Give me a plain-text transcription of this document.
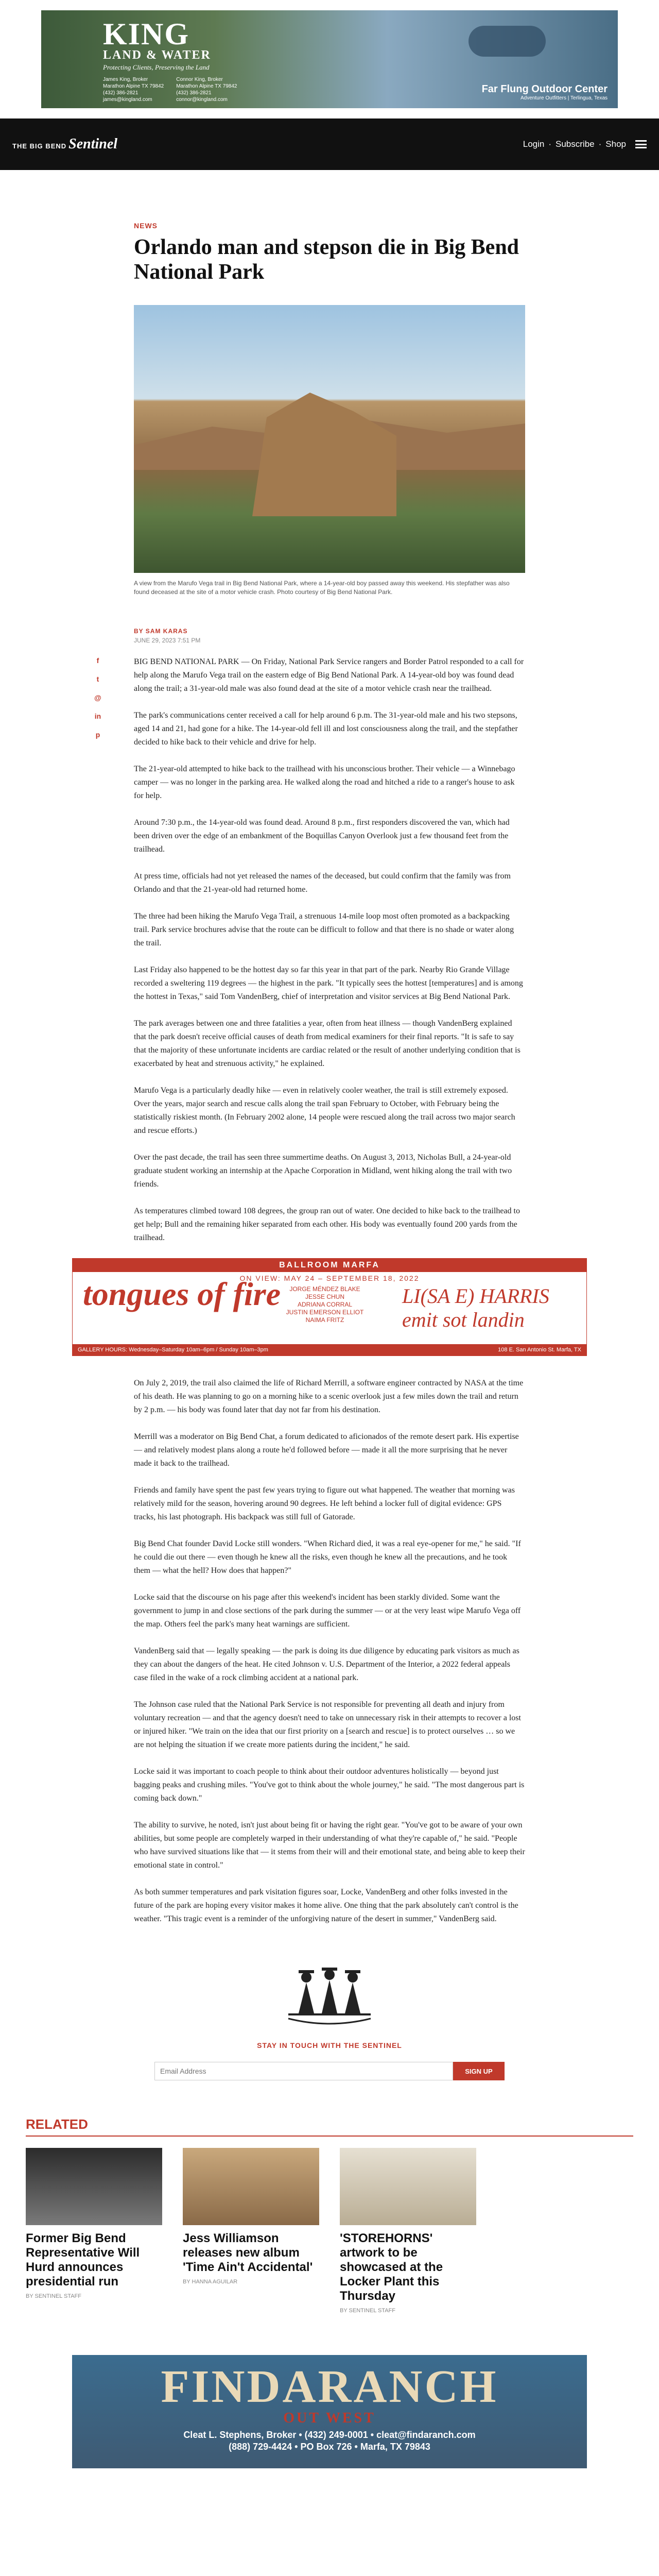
KING
LAND & WATER
Protecting Clients, Preserving the Land
James King, Broker
Marathon Alpine TX 79842
(432) 386-2821
james@kingland.com
Connor King, Broker
Marathon Alpine TX 79842
(432) 386-2821
connor@kingland.com
Far Flung Outdoor Center
Adventure Outfitters | Terlingua, Texas
THE BIG BEND Sentinel	Login · Subscribe · Shop
NEWS
Orlando man and stepson die in Big Bend National Park
A view from the Marufo Vega trail in Big Bend National Park, where a 14-year-old boy passed away this weekend. His stepfather was also found deceased at the site of a motor vehicle crash. Photo courtesy of Big Bend National Park.
BY SAM KARAS
JUNE 29, 2023 7:51 PM
f
t
@
in
p

BIG BEND NATIONAL PARK — On Friday, National Park Service rangers and Border Patrol responded to a call for help along the Marufo Vega trail on the eastern edge of Big Bend National Park. A 14-year-old boy was found dead along the trail; a 31-year-old male was also found dead at the site of a motor vehicle crash near the trailhead.

The park's communications center received a call for help around 6 p.m. The 31-year-old male and his two stepsons, aged 14 and 21, had gone for a hike. The 14-year-old fell ill and lost consciousness along the trail, and the stepfather decided to hike back to their vehicle and drive for help.

The 21-year-old attempted to hike back to the trailhead with his unconscious brother. Their vehicle — a Winnebago camper — was no longer in the parking area. He walked along the road and hitched a ride to a ranger's house to ask for help.

Around 7:30 p.m., the 14-year-old was found dead. Around 8 p.m., first responders discovered the van, which had been driven over the edge of an embankment of the Boquillas Canyon Overlook just a few thousand feet from the trailhead.

At press time, officials had not yet released the names of the deceased, but could confirm that the family was from Orlando and that the 21-year-old had returned home.

The three had been hiking the Marufo Vega Trail, a strenuous 14-mile loop most often promoted as a backpacking trail. Park service brochures advise that the route can be difficult to follow and that there is no shade or water along the trail.

Last Friday also happened to be the hottest day so far this year in that part of the park. Nearby Rio Grande Village recorded a sweltering 119 degrees — the highest in the park. "It typically sees the hottest [temperatures] and is among the hottest in Texas," said Tom VandenBerg, chief of interpretation and visitor services at Big Bend National Park.

The park averages between one and three fatalities a year, often from heat illness — though VandenBerg explained that the park doesn't receive official causes of death from medical examiners for their final reports. "It is safe to say that the majority of these unfortunate incidents are cardiac related or the result of another underlying condition that is exacerbated by heat and strenuous activity," he explained.

Marufo Vega is a particularly deadly hike — even in relatively cooler weather, the trail is still extremely exposed. Over the years, major search and rescue calls along the trail span February to October, with February being the statistically riskiest month. (In February 2002 alone, 14 people were rescued along the trail across two major search and rescue efforts.)

Over the past decade, the trail has seen three summertime deaths. On August 3, 2013, Nicholas Bull, a 24-year-old graduate student working an internship at the Apache Corporation in Midland, went hiking along the trail with two friends.

As temperatures climbed toward 108 degrees, the group ran out of water. One decided to hike back to the trailhead to get help; Bull and the remaining hiker separated from each other. His body was eventually found 200 yards from the trailhead.

BALLROOM MARFA
ON VIEW: MAY 24 – SEPTEMBER 18, 2022
tongues of fire	JORGE MÉNDEZ BLAKE
JESSE CHUN
ADRIANA CORRAL
JUSTIN EMERSON ELLIOT
NAIMA FRITZ
LI(SA E) HARRIS
emit sot landin
GALLERY HOURS: Wednesday–Saturday 10am–6pm / Sunday 10am–3pm	108 E. San Antonio St. Marfa, TX

On July 2, 2019, the trail also claimed the life of Richard Merrill, a software engineer contracted by NASA at the time of his death. He was planning to go on a morning hike to a scenic overlook just a few miles down the trail and return by 2 p.m. — his body was found later that day not far from his destination.

Merrill was a moderator on Big Bend Chat, a forum dedicated to aficionados of the remote desert park. His expertise — and relatively modest plans along a route he'd followed before — made it all the more surprising that he never made it back to the trailhead.

Friends and family have spent the past few years trying to figure out what happened. The weather that morning was relatively mild for the season, hovering around 90 degrees. He left behind a locker full of digital evidence: GPS tracks, his last photograph. His backpack was still full of Gatorade.

Big Bend Chat founder David Locke still wonders. "When Richard died, it was a real eye-opener for me," he said. "If he could die out there — even though he knew all the risks, even though he knew all the precautions, and he took them — what the hell? How does that happen?"

Locke said that the discourse on his page after this weekend's incident has been starkly divided. Some want the government to jump in and close sections of the park during the summer — or at the very least wipe Marufo Vega off the map. Others feel the park's many heat warnings are sufficient.

VandenBerg said that — legally speaking — the park is doing its due diligence by educating park visitors as much as they can about the dangers of the heat. He cited Johnson v. U.S. Department of the Interior, a 2022 federal appeals case filed in the wake of a rock climbing accident at a national park.

The Johnson case ruled that the National Park Service is not responsible for preventing all death and injury from voluntary recreation — and that the agency doesn't need to take on unnecessary risk in their attempts to recover a lost or injured hiker. "We train on the idea that our first priority on a [search and rescue] is to protect ourselves … so we are not helping the situation if we create more patients during the incident," he said.

Locke said it was important to coach people to think about their outdoor adventures holistically — beyond just bagging peaks and crushing miles. "You've got to think about the whole journey," he said. "The most dangerous part is coming back down."

The ability to survive, he noted, isn't just about being fit or having the right gear. "You've got to be aware of your own abilities, but some people are completely warped in their understanding of what they're capable of," he said. "People who have survived situations like that — it stems from their will and their emotional state, and being able to keep their emotional state in control."

As both summer temperatures and park visitation figures soar, Locke, VandenBerg and other folks invested in the future of the park are hoping every visitor makes it home alive. One thing that the park absolutely can't control is the weather. "This tragic event is a reminder of the unforgiving nature of the desert in summer," VandenBerg said.

STAY IN TOUCH WITH THE SENTINEL
Email Address
SIGN UP
RELATED
Former Big Bend Representative Will Hurd announces presidential run
BY SENTINEL STAFF
Jess Williamson releases new album 'Time Ain't Accidental'
BY HANNA AGUILAR
'STOREHORNS' artwork to be showcased at the Locker Plant this Thursday
BY SENTINEL STAFF
FINDARANCH
OUT WEST
Cleat L. Stephens, Broker • (432) 249-0001 • cleat@findaranch.com
(888) 729-4424 • PO Box 726 • Marfa, TX 79843
